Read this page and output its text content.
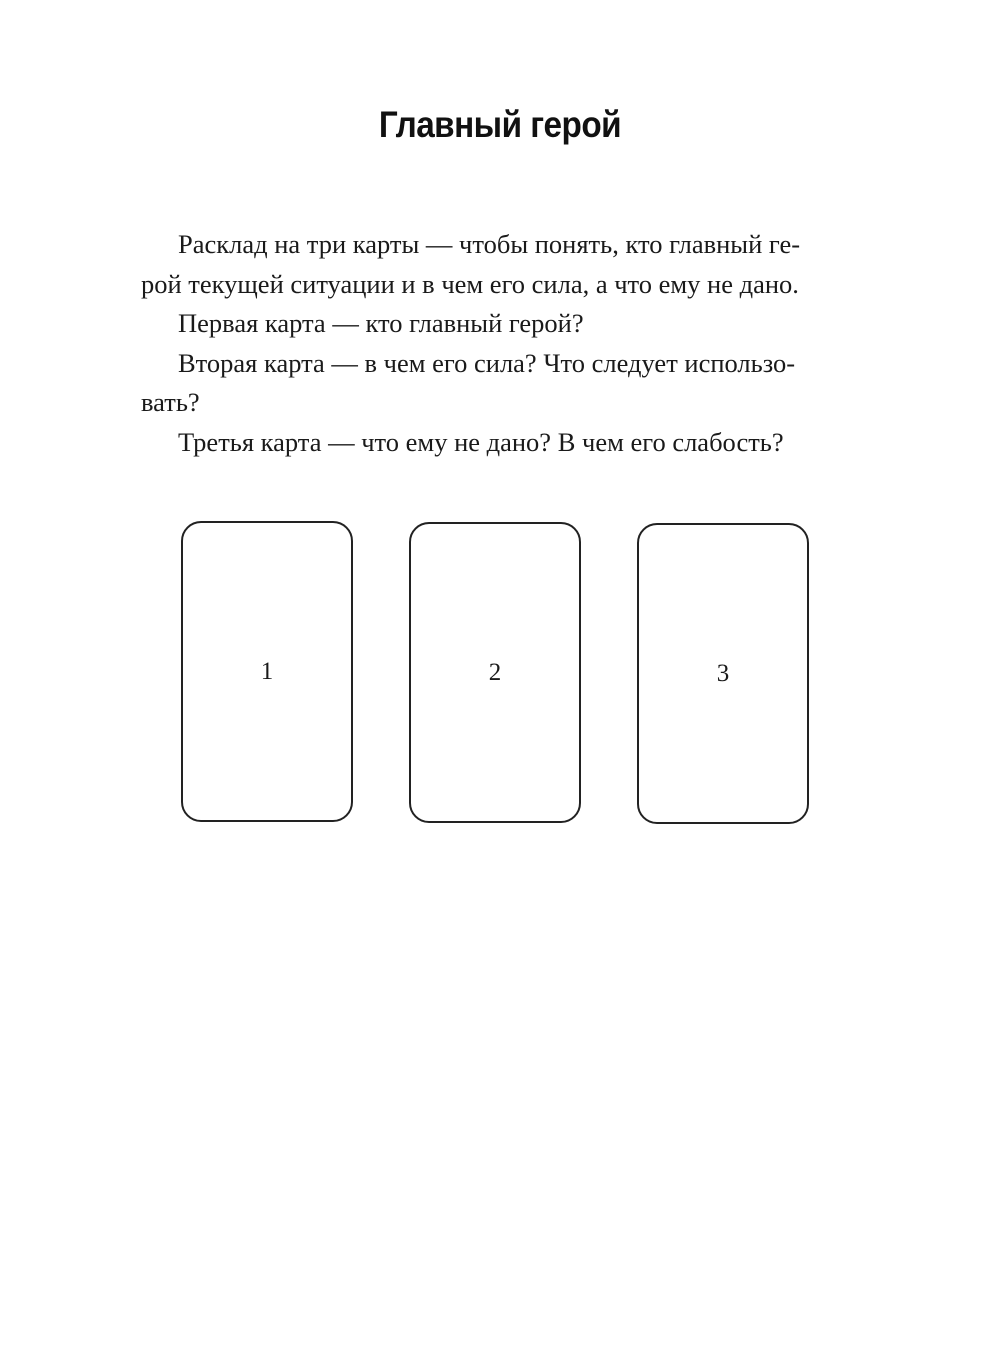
Главный герой
Расклад на три карты — чтобы понять, кто главный ге-
рой текущей ситуации и в чем его сила, а что ему не дано.
Первая карта — кто главный герой?
Вторая карта — в чем его сила? Что следует использо-
вать?
Третья карта — что ему не дано? В чем его слабость?
1	2	3
